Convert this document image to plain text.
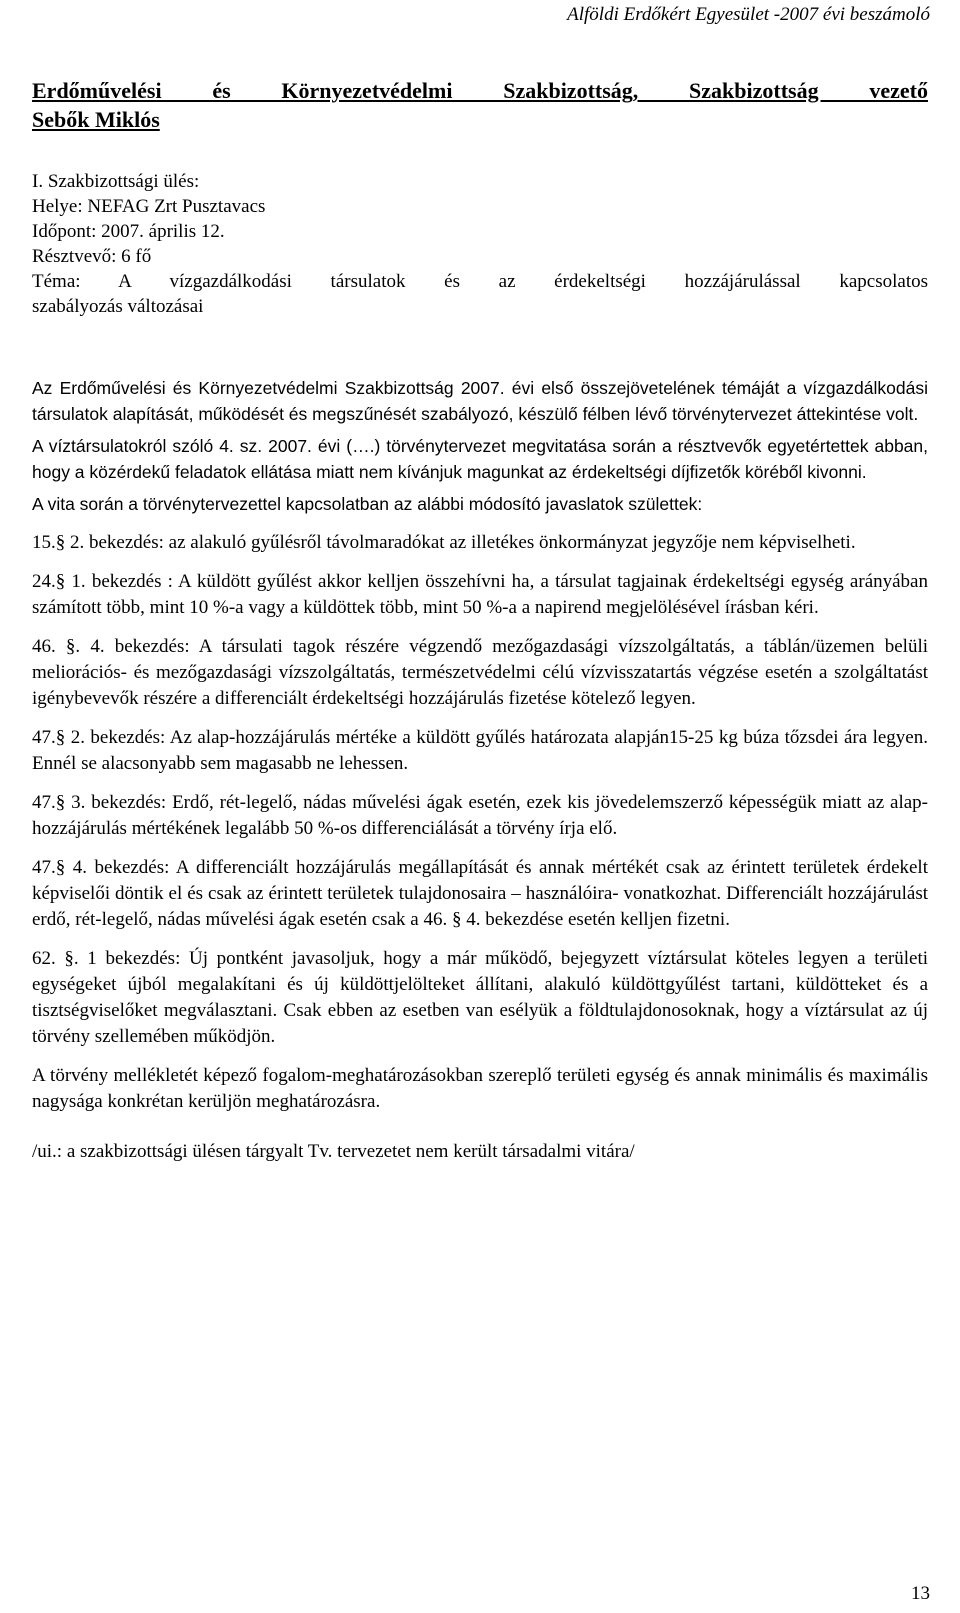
Alföldi Erdőkért Egyesület -2007 évi beszámoló
Erdőművelési és Környezetvédelmi Szakbizottság, Szakbizottság vezető
Sebők Miklós
I. Szakbizottsági ülés:
Helye: NEFAG Zrt Pusztavacs
Időpont: 2007. április 12.
Résztvevő: 6 fő
Téma: A vízgazdálkodási társulatok és az érdekeltségi hozzájárulással kapcsolatos
szabályozás változásai

Az Erdőművelési és Környezetvédelmi Szakbizottság 2007. évi első összejövetelének témáját a vízgazdálkodási társulatok alapítását, működését és megszűnését szabályozó, készülő félben lévő törvénytervezet áttekintése volt.

A víztársulatokról szóló 4. sz. 2007. évi (….) törvénytervezet megvitatása során a résztvevők egyetértettek abban, hogy a közérdekű feladatok ellátása miatt nem kívánjuk magunkat az érdekeltségi díjfizetők köréből kivonni.

A vita során a törvénytervezettel kapcsolatban az alábbi módosító javaslatok születtek:

15.§ 2. bekezdés: az alakuló gyűlésről távolmaradókat az illetékes önkormányzat jegyzője nem képviselheti.

24.§ 1. bekezdés : A küldött gyűlést akkor kelljen összehívni ha, a társulat tagjainak érdekeltségi egység arányában számított több, mint 10 %-a vagy a küldöttek több, mint 50 %-a a napirend megjelölésével írásban kéri.

46. §. 4. bekezdés: A társulati tagok részére végzendő mezőgazdasági vízszolgáltatás, a táblán/üzemen belüli meliorációs- és mezőgazdasági vízszolgáltatás, természetvédelmi célú vízvisszatartás végzése esetén a szolgáltatást igénybevevők részére a differenciált érdekeltségi hozzájárulás fizetése kötelező legyen.

47.§ 2. bekezdés: Az alap-hozzájárulás mértéke a küldött gyűlés határozata alapján15-25 kg búza tőzsdei ára legyen. Ennél se alacsonyabb sem magasabb ne lehessen.

47.§ 3. bekezdés: Erdő, rét-legelő, nádas művelési ágak esetén, ezek kis jövedelemszerző képességük miatt az alap-hozzájárulás mértékének legalább 50 %-os differenciálását a törvény írja elő.

47.§ 4. bekezdés: A differenciált hozzájárulás megállapítását és annak mértékét csak az érintett területek érdekelt képviselői döntik el és csak az érintett területek tulajdonosaira – használóira- vonatkozhat. Differenciált hozzájárulást erdő, rét-legelő, nádas művelési ágak esetén csak a 46. § 4. bekezdése esetén kelljen fizetni.

62. §. 1 bekezdés: Új pontként javasoljuk, hogy a már működő, bejegyzett víztársulat köteles legyen a területi egységeket újból megalakítani és új küldöttjelölteket állítani, alakuló küldöttgyűlést tartani, küldötteket és a tisztségviselőket megválasztani. Csak ebben az esetben van esélyük a földtulajdonosoknak, hogy a víztársulat az új törvény szellemében működjön.

A törvény mellékletét képező fogalom-meghatározásokban szereplő területi egység és annak minimális és maximális nagysága konkrétan kerüljön meghatározásra.

/ui.: a szakbizottsági ülésen tárgyalt Tv. tervezetet nem került társadalmi vitára/

13
